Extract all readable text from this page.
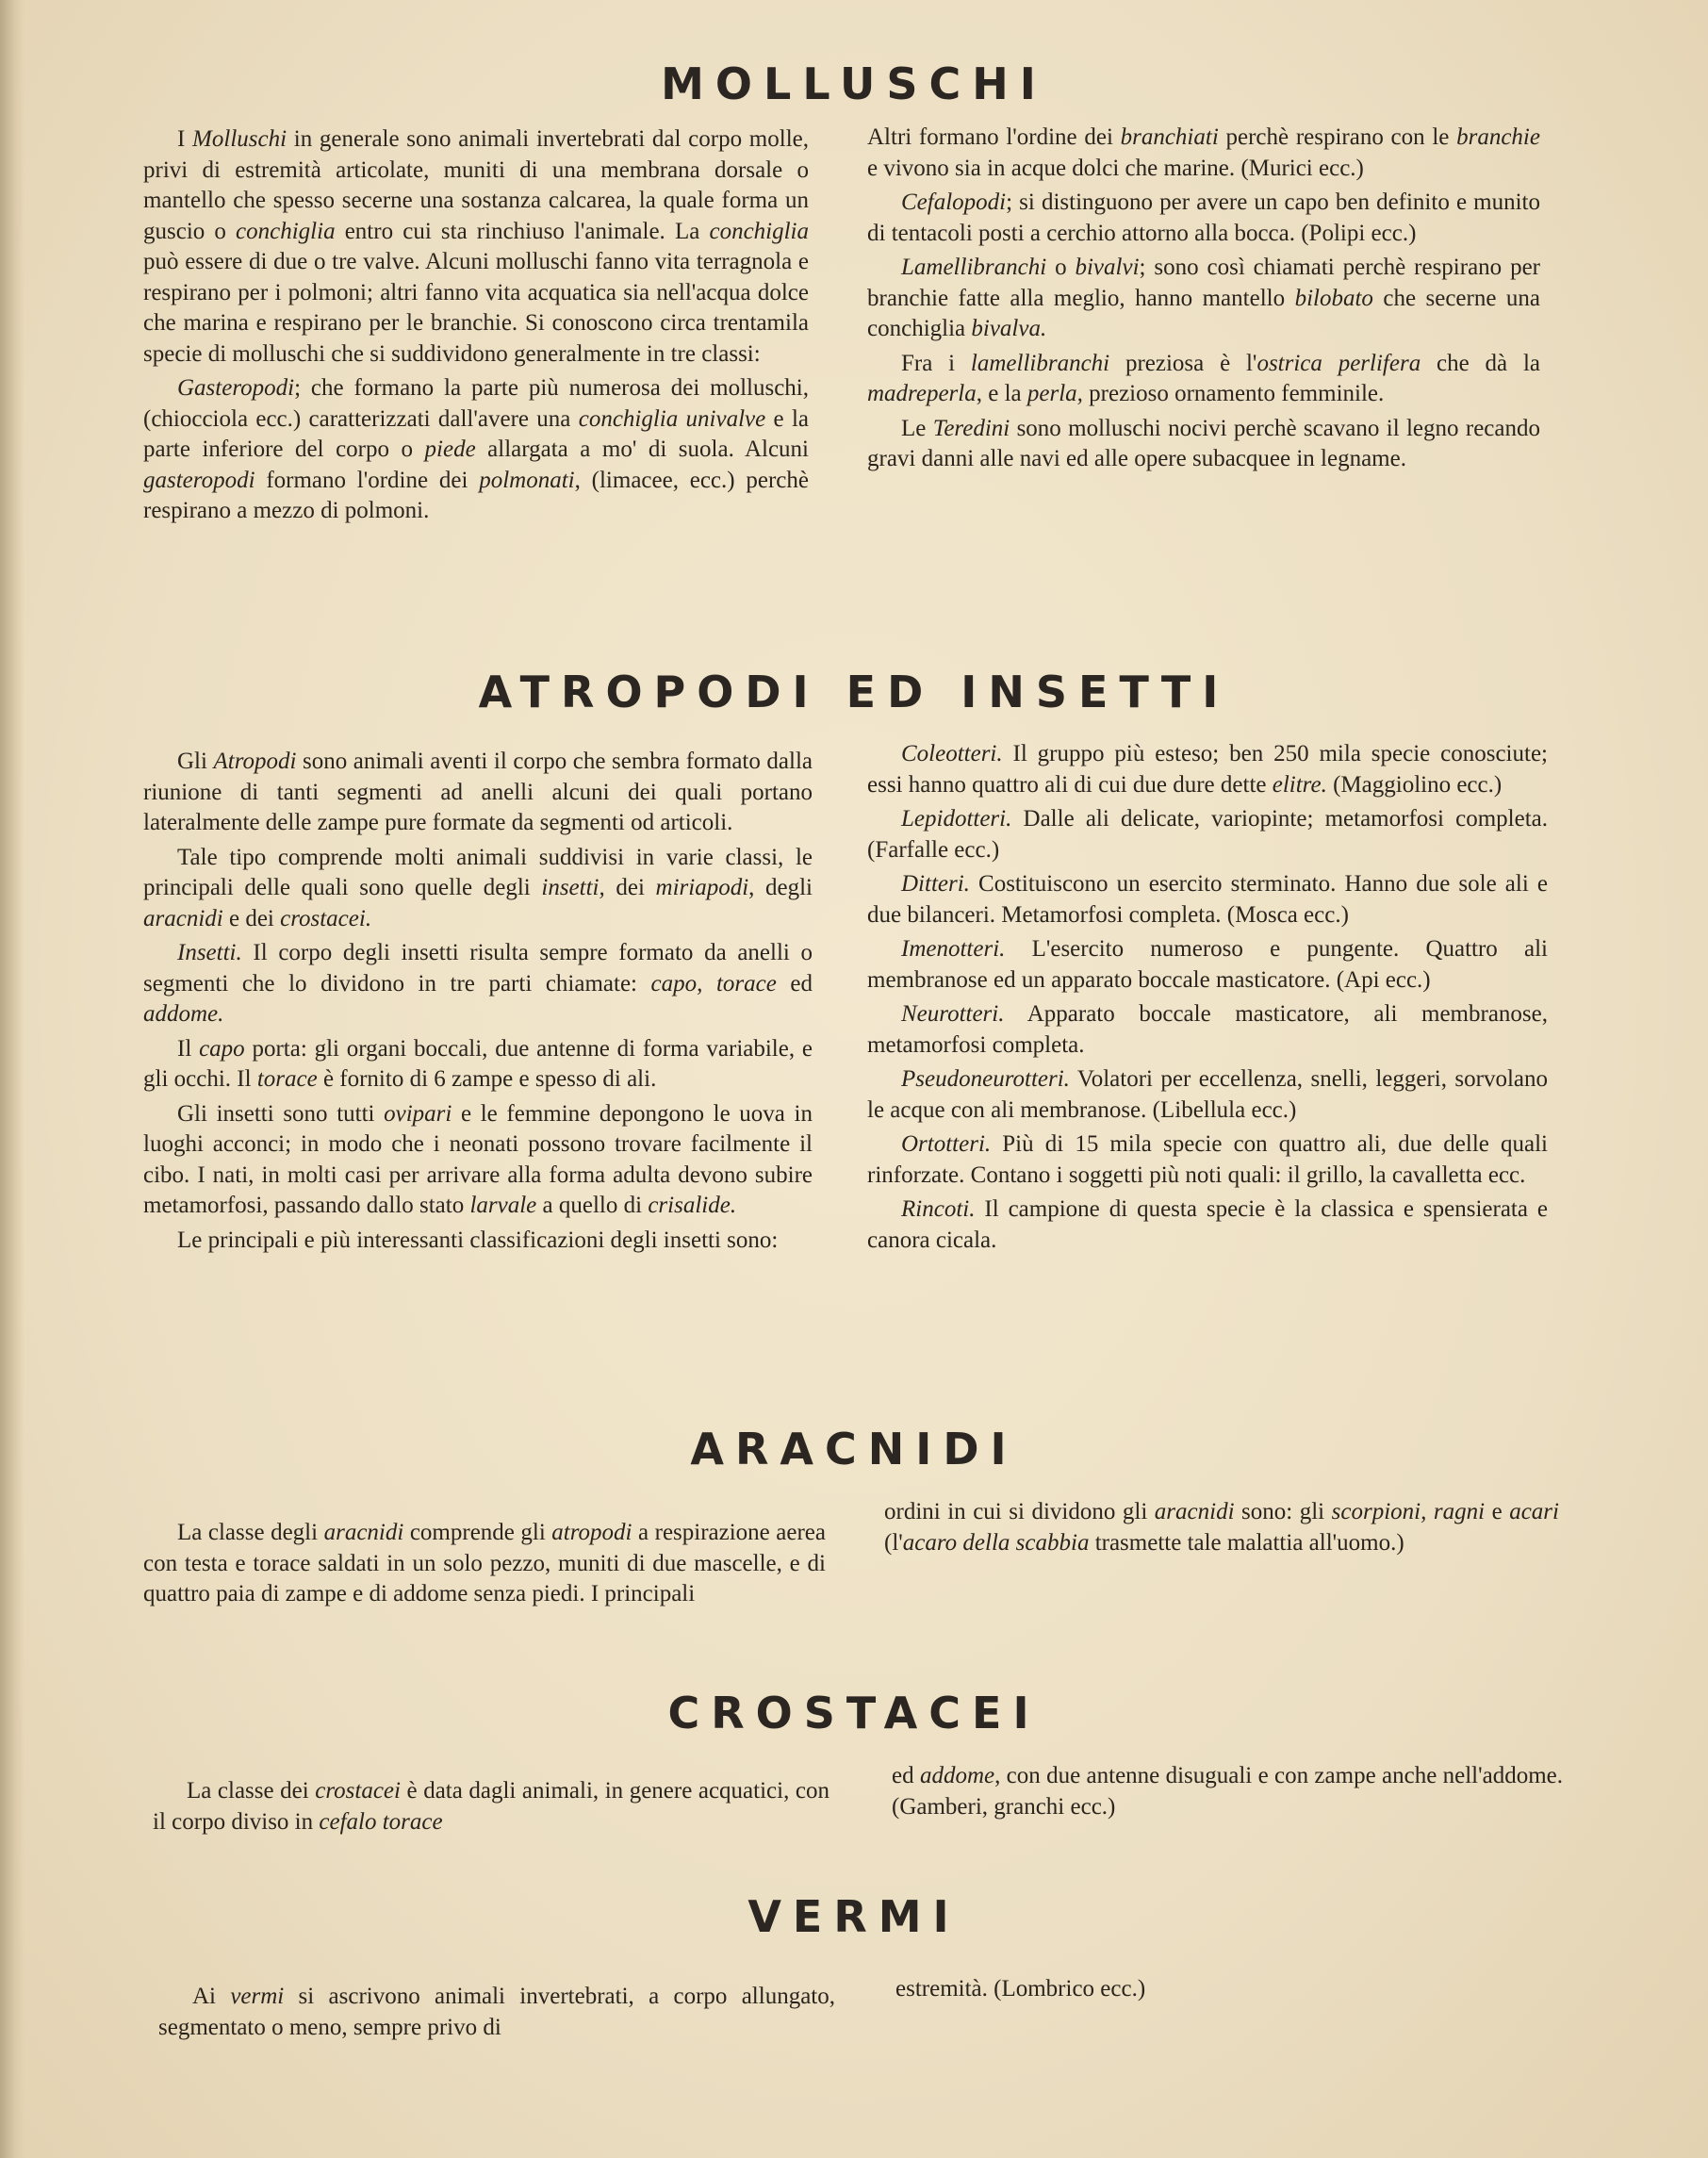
MOLLUSCHI

I Molluschi in generale sono animali invertebrati dal corpo molle, privi di estremità articolate, muniti di una membrana dorsale o mantello che spesso secerne una sostanza calcarea, la quale forma un guscio o conchiglia entro cui sta rinchiuso l'animale. La conchiglia può essere di due o tre valve. Alcuni molluschi fanno vita terragnola e respirano per i polmoni; altri fanno vita acquatica sia nell'acqua dolce che marina e respirano per le branchie. Si conoscono circa trentamila specie di molluschi che si suddividono generalmente in tre classi:

Gasteropodi; che formano la parte più numerosa dei molluschi, (chiocciola ecc.) caratterizzati dall'avere una conchiglia univalve e la parte inferiore del corpo o piede allargata a mo' di suola. Alcuni gasteropodi formano l'ordine dei polmonati, (limacee, ecc.) perchè respirano a mezzo di polmoni.

Altri formano l'ordine dei branchiati perchè respirano con le branchie e vivono sia in acque dolci che marine. (Murici ecc.)

Cefalopodi; si distinguono per avere un capo ben definito e munito di tentacoli posti a cerchio attorno alla bocca. (Polipi ecc.)

Lamellibranchi o bivalvi; sono così chiamati perchè respirano per branchie fatte alla meglio, hanno mantello bilobato che secerne una conchiglia bivalva.

Fra i lamellibranchi preziosa è l'ostrica perlifera che dà la madreperla, e la perla, prezioso ornamento femminile.

Le Teredini sono molluschi nocivi perchè scavano il legno recando gravi danni alle navi ed alle opere subacquee in legname.

ATROPODI ED INSETTI

Gli Atropodi sono animali aventi il corpo che sembra formato dalla riunione di tanti segmenti ad anelli alcuni dei quali portano lateralmente delle zampe pure formate da segmenti od articoli.

Tale tipo comprende molti animali suddivisi in varie classi, le principali delle quali sono quelle degli insetti, dei miriapodi, degli aracnidi e dei crostacei.

Insetti. Il corpo degli insetti risulta sempre formato da anelli o segmenti che lo dividono in tre parti chiamate: capo, torace ed addome.

Il capo porta: gli organi boccali, due antenne di forma variabile, e gli occhi. Il torace è fornito di 6 zampe e spesso di ali.

Gli insetti sono tutti ovipari e le femmine depongono le uova in luoghi acconci; in modo che i neonati possono trovare facilmente il cibo. I nati, in molti casi per arrivare alla forma adulta devono subire metamorfosi, passando dallo stato larvale a quello di crisalide.

Le principali e più interessanti classificazioni degli insetti sono:

Coleotteri. Il gruppo più esteso; ben 250 mila specie conosciute; essi hanno quattro ali di cui due dure dette elitre. (Maggiolino ecc.)

Lepidotteri. Dalle ali delicate, variopinte; metamorfosi completa. (Farfalle ecc.)

Ditteri. Costituiscono un esercito sterminato. Hanno due sole ali e due bilanceri. Metamorfosi completa. (Mosca ecc.)

Imenotteri. L'esercito numeroso e pungente. Quattro ali membranose ed un apparato boccale masticatore. (Api ecc.)

Neurotteri. Apparato boccale masticatore, ali membranose, metamorfosi completa.

Pseudoneurotteri. Volatori per eccellenza, snelli, leggeri, sorvolano le acque con ali membranose. (Libellula ecc.)

Ortotteri. Più di 15 mila specie con quattro ali, due delle quali rinforzate. Contano i soggetti più noti quali: il grillo, la cavalletta ecc.

Rincoti. Il campione di questa specie è la classica e spensierata e canora cicala.

ARACNIDI

La classe degli aracnidi comprende gli atropodi a respirazione aerea con testa e torace saldati in un solo pezzo, muniti di due mascelle, e di quattro paia di zampe e di addome senza piedi. I principali

ordini in cui si dividono gli aracnidi sono: gli scorpioni, ragni e acari (l'acaro della scabbia trasmette tale malattia all'uomo.)

CROSTACEI

La classe dei crostacei è data dagli animali, in genere acquatici, con il corpo diviso in cefalo torace

ed addome, con due antenne disuguali e con zampe anche nell'addome. (Gamberi, granchi ecc.)

VERMI

Ai vermi si ascrivono animali invertebrati, a corpo allungato, segmentato o meno, sempre privo di

estremità. (Lombrico ecc.)
